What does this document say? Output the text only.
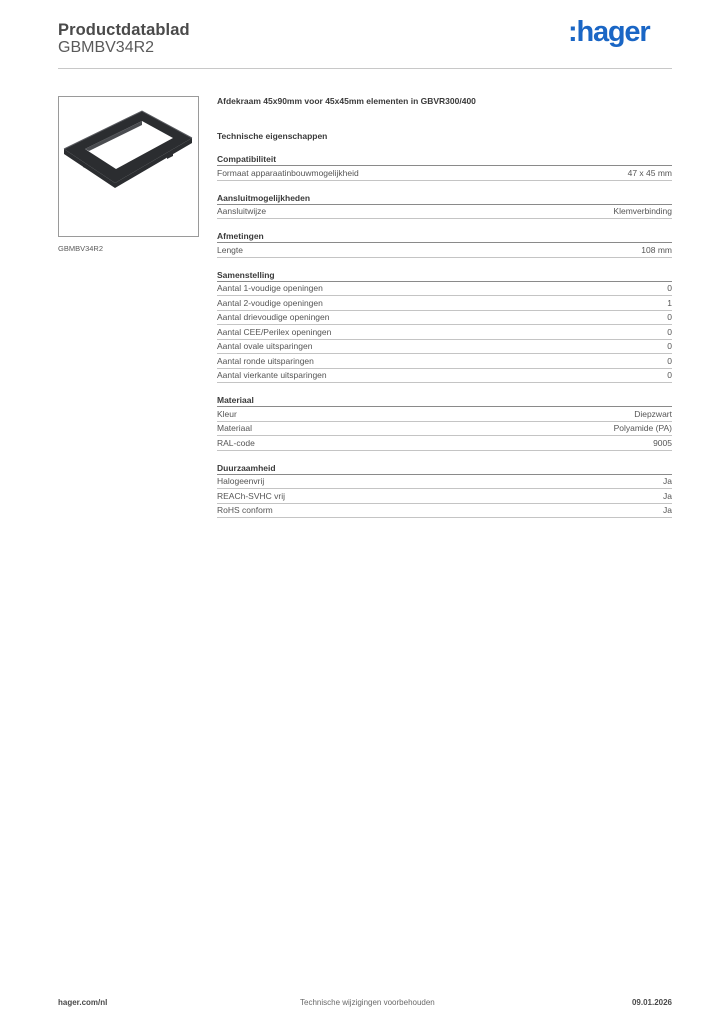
Productdatablad
GBMBV34R2	:hager
GBMBV34R2
Afdekraam 45x90mm voor 45x45mm elementen in GBVR300/400
Technische eigenschappen
Compatibiliteit
Formaat apparaatinbouwmogelijkheid	47 x 45 mm
Aansluitmogelijkheden
Aansluitwijze	Klemverbinding
Afmetingen
Lengte	108 mm
Samenstelling
Aantal 1-voudige openingen	0
Aantal 2-voudige openingen	1
Aantal drievoudige openingen	0
Aantal CEE/Perilex openingen	0
Aantal ovale uitsparingen	0
Aantal ronde uitsparingen	0
Aantal vierkante uitsparingen	0
Materiaal
Kleur	Diepzwart
Materiaal	Polyamide (PA)
RAL-code	9005
Duurzaamheid
Halogeenvrij	Ja
REACh-SVHC vrij	Ja
RoHS conform	Ja
hager.com/nl	Technische wijzigingen voorbehouden	09.01.2026
